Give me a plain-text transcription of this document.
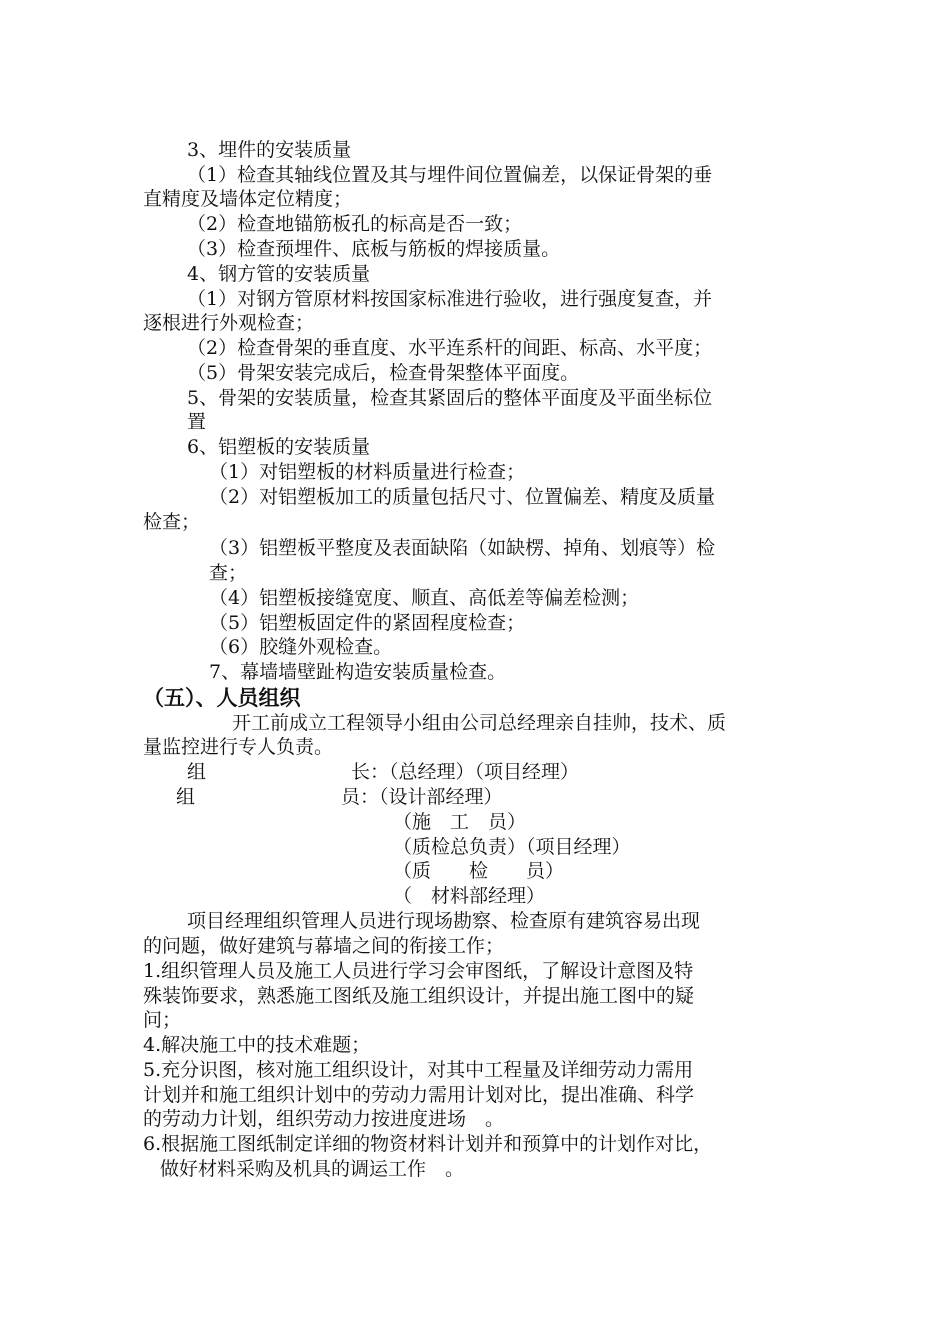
3、埋件的安装质量
（1）检查其轴线位置及其与埋件间位置偏差，以保证骨架的垂
直精度及墙体定位精度；
（2）检查地锚筋板孔的标高是否一致；
（3）检查预埋件、底板与筋板的焊接质量。
4、钢方管的安装质量
（1）对钢方管原材料按国家标准进行验收，进行强度复查，并
逐根进行外观检查；
（2）检查骨架的垂直度、水平连系杆的间距、标高、水平度；
（5）骨架安装完成后，检查骨架整体平面度。
5、骨架的安装质量，检查其紧固后的整体平面度及平面坐标位
置
6、铝塑板的安装质量
（1）对铝塑板的材料质量进行检查；
（2）对铝塑板加工的质量包括尺寸、位置偏差、精度及质量
检查；
（3）铝塑板平整度及表面缺陷（如缺楞、掉角、划痕等）检
查；
（4）铝塑板接缝宽度、顺直、高低差等偏差检测；
（5）铝塑板固定件的紧固程度检查；
（6）胶缝外观检查。
7、幕墙墙壁趾构造安装质量检查。
（五）、人员组织
开工前成立工程领导小组由公司总经理亲自挂帅，技术、质
量监控进行专人负责。
组	长：（总经理）（项目经理）
组	员：（设计部经理）
（施　工　员）
（质检总负责）（项目经理）
（质　　检　　员）
（　材料部经理）
项目经理组织管理人员进行现场勘察、检查原有建筑容易出现
的问题，做好建筑与幕墙之间的衔接工作；
1.组织管理人员及施工人员进行学习会审图纸，了解设计意图及特
殊装饰要求，熟悉施工图纸及施工组织设计，并提出施工图中的疑
问；
4.解决施工中的技术难题；
5.充分识图，核对施工组织设计，对其中工程量及详细劳动力需用
计划并和施工组织计划中的劳动力需用计划对比，提出准确、科学
的劳动力计划，组织劳动力按进度进场　。
6.根据施工图纸制定详细的物资材料计划并和预算中的计划作对比，
做好材料采购及机具的调运工作　。
